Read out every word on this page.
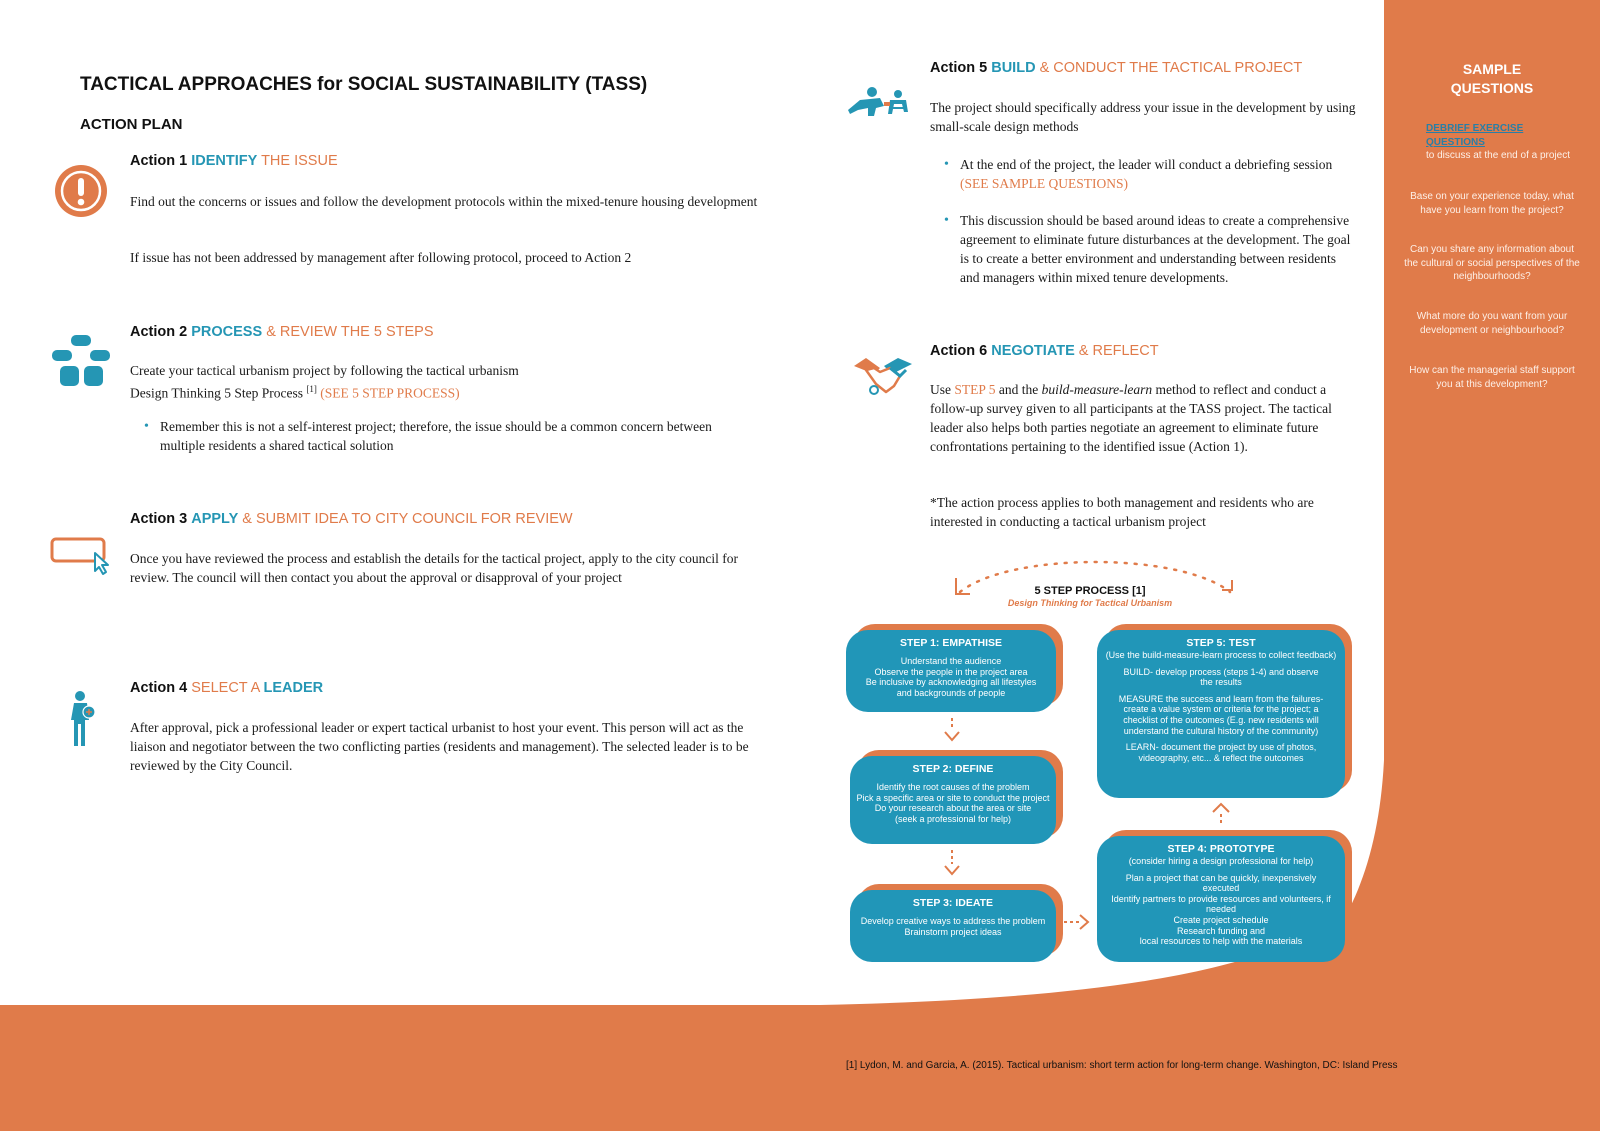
SAMPLE
QUESTIONS
DEBRIEF EXERCISE QUESTIONS
to discuss at the end of a project
Base on your experience today, what have you learn from the project?
Can you share any information about the cultural or social perspectives of the neighbourhoods?
What more do you want from your development or neighbourhood?
How can the managerial staff support you at this development?
TACTICAL APPROACHES for SOCIAL SUSTAINABILITY (TASS)
ACTION PLAN
Action 1 IDENTIFY THE ISSUE
Find out the concerns or issues and follow the development protocols within the mixed-tenure housing development
If issue has not been addressed by management after following protocol, proceed to Action 2
Action 2 PROCESS & REVIEW THE 5 STEPS
Create your tactical urbanism project by following the tactical urbanism
Design Thinking 5 Step Process [1] (SEE 5 STEP PROCESS)
• Remember this is not a self-interest project; therefore, the issue should be a common concern between multiple residents a shared tactical solution
Action 3 APPLY & SUBMIT IDEA TO CITY COUNCIL FOR REVIEW
Once you have reviewed the process and establish the details for the tactical project, apply to the city council for review. The council will then contact you about the approval or disapproval of your project
Action 4 SELECT A LEADER
After approval, pick a professional leader or expert tactical urbanist to host your event. This person will act as the liaison and negotiator between the two conflicting parties (residents and management). The selected leader is to be reviewed by the City Council.
Action 5 BUILD & CONDUCT THE TACTICAL PROJECT
The project should specifically address your issue in the development by using small-scale design methods
• At the end of the project, the leader will conduct a debriefing session (SEE SAMPLE QUESTIONS)
• This discussion should be based around ideas to create a comprehensive agreement to eliminate future disturbances at the development. The goal is to create a better environment and understanding between residents and managers within mixed tenure developments.
Action 6 NEGOTIATE & REFLECT
Use STEP 5 and the build-measure-learn method to reflect and conduct a follow-up survey given to all participants at the TASS project. The tactical leader also helps both parties negotiate an agreement to eliminate future confrontations pertaining to the identified issue (Action 1).
*The action process applies to both management and residents who are interested in conducting a tactical urbanism project
5 STEP PROCESS [1]
Design Thinking for Tactical Urbanism
STEP 1: EMPATHISE
Understand the audience
Observe the people in the project area
Be inclusive by acknowledging all lifestyles
and backgrounds of people
STEP 2: DEFINE
Identify the root causes of the problem
Pick a specific area or site to conduct the project
Do your research about the area or site
(seek a professional for help)
STEP 3: IDEATE
Develop creative ways to address the problem
Brainstorm project ideas
STEP 4: PROTOTYPE
(consider hiring a design professional for help)
Plan a project that can be quickly, inexpensively executed
Identify partners to provide resources and volunteers, if needed
Create project schedule
Research funding and
local resources to help with the materials
STEP 5: TEST
(Use the build-measure-learn process to collect feedback)
BUILD- develop process (steps 1-4) and observe the results
MEASURE the success and learn from the failures- create a value system or criteria for the project; a checklist of the outcomes (E.g. new residents will understand the cultural history of the community)
LEARN- document the project by use of photos, videography, etc... & reflect the outcomes
[1] Lydon, M. and Garcia, A. (2015). Tactical urbanism: short term action for long-term change. Washington, DC: Island Press
